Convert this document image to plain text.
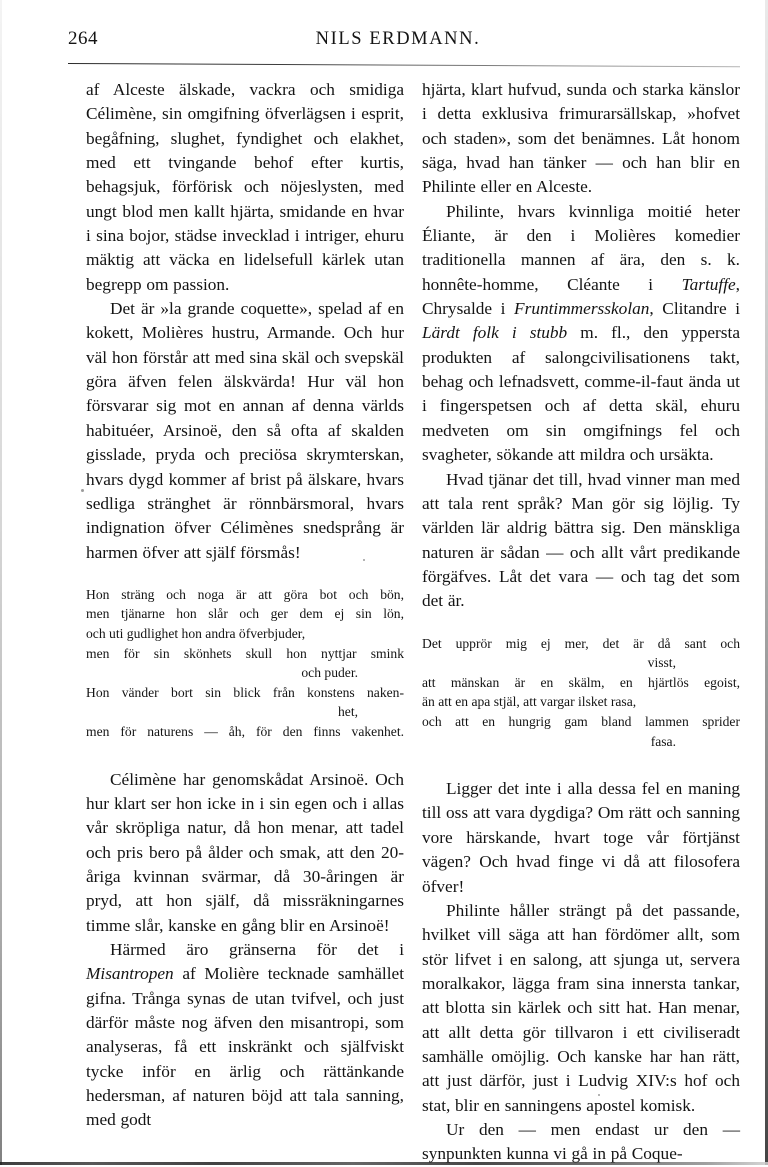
264	NILS ERDMANN.

af Alceste älskade, vackra och smidiga Célimène, sin omgifning öfverlägsen i esprit, begåfning, slughet, fyndighet och elakhet, med ett tvingande behof efter kurtis, behagsjuk, förförisk och nöjeslysten, med ungt blod men kallt hjärta, smidande en hvar i sina bojor, städse invecklad i intriger, ehuru mäktig att väcka en lidelsefull kärlek utan begrepp om passion.

Det är »la grande coquette», spelad af en kokett, Molières hustru, Armande. Och hur väl hon förstår att med sina skäl och svepskäl göra äfven felen älskvärda! Hur väl hon försvarar sig mot en annan af denna världs habituéer, Arsinoë, den så ofta af skalden gisslade, pryda och preciösa skrymterskan, hvars dygd kommer af brist på älskare, hvars sedliga stränghet är rönnbärsmoral, hvars indignation öfver Célimènes snedsprång är harmen öfver att själf försmås!

Hon sträng och noga är att göra bot och bön,
men tjänarne hon slår och ger dem ej sin lön,
och uti gudlighet hon andra öfverbjuder,
men för sin skönhets skull hon nyttjar smink
och puder.
Hon vänder bort sin blick från konstens naken-
het,
men för naturens — åh, för den finns vakenhet.

Célimène har genomskådat Arsinoë. Och hur klart ser hon icke in i sin egen och i allas vår skröpliga natur, då hon menar, att tadel och pris bero på ålder och smak, att den 20-åriga kvinnan svärmar, då 30-åringen är pryd, att hon själf, då missräkningarnes timme slår, kanske en gång blir en Arsinoë!

Härmed äro gränserna för det i Misantropen af Molière tecknade samhället gifna. Trånga synas de utan tvifvel, och just därför måste nog äfven den misantropi, som analyseras, få ett inskränkt och själfviskt tycke inför en ärlig och rättänkande hedersman, af naturen böjd att tala sanning, med godt

hjärta, klart hufvud, sunda och starka känslor i detta exklusiva frimurarsällskap, »hofvet och staden», som det benämnes. Låt honom säga, hvad han tänker — och han blir en Philinte eller en Alceste.

Philinte, hvars kvinnliga moitié heter Éliante, är den i Molières komedier traditionella mannen af ära, den s. k. honnête-homme, Cléante i Tartuffe, Chrysalde i Fruntimmersskolan, Clitandre i Lärdt folk i stubb m. fl., den yppersta produkten af salongcivilisationens takt, behag och lefnadsvett, comme-il-faut ända ut i fingerspetsen och af detta skäl, ehuru medveten om sin omgifnings fel och svagheter, sökande att mildra och ursäkta.

Hvad tjänar det till, hvad vinner man med att tala rent språk? Man gör sig löjlig. Ty världen lär aldrig bättra sig. Den mänskliga naturen är sådan — och allt vårt predikande förgäfves. Låt det vara — och tag det som det är.

Det upprör mig ej mer, det är då sant och
visst,
att mänskan är en skälm, en hjärtlös egoist,
än att en apa stjäl, att vargar ilsket rasa,
och att en hungrig gam bland lammen sprider
fasa.

Ligger det inte i alla dessa fel en maning till oss att vara dygdiga? Om rätt och sanning vore härskande, hvart toge vår förtjänst vägen? Och hvad finge vi då att filosofera öfver!

Philinte håller strängt på det passande, hvilket vill säga att han fördömer allt, som stör lifvet i en salong, att sjunga ut, servera moralkakor, lägga fram sina innersta tankar, att blotta sin kärlek och sitt hat. Han menar, att allt detta gör tillvaron i ett civiliseradt samhälle omöjlig. Och kanske har han rätt, att just därför, just i Ludvig XIV:s hof och stat, blir en sanningens apostel komisk.

Ur den — men endast ur den — synpunkten kunna vi gå in på Coque-
